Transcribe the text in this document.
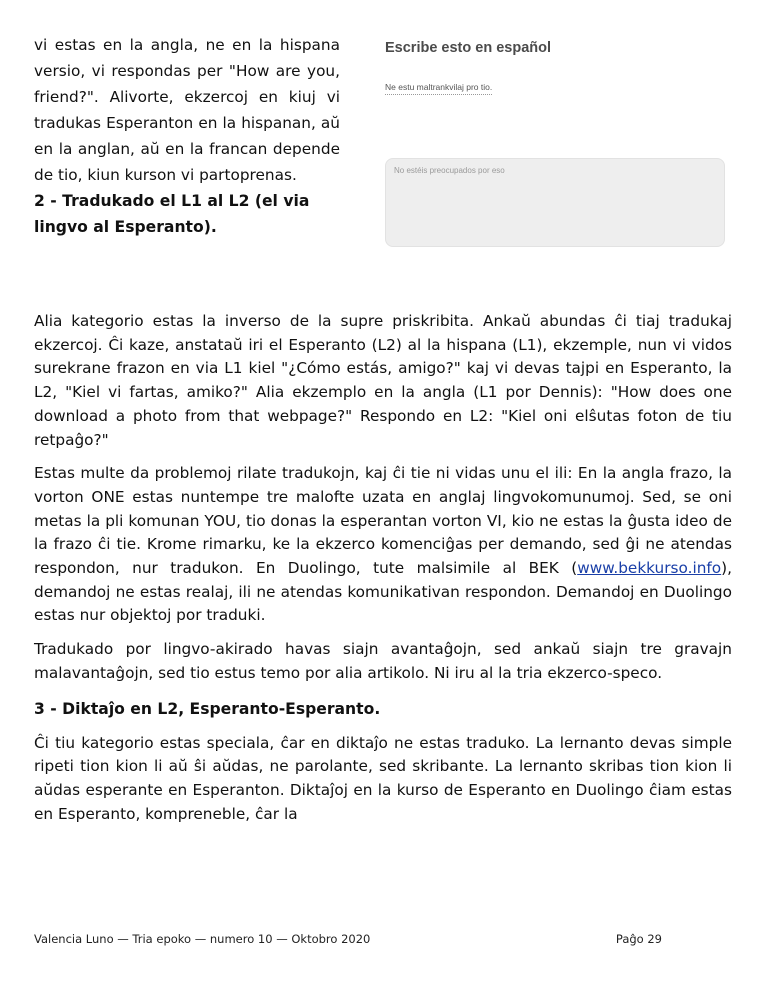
vi estas en la angla, ne en la hispana versio, vi respondas per "How are you, friend?". Alivorte, ekzercoj en kiuj vi tradukas Esperanton en la hispanan, aŭ en la anglan, aŭ en la francan depende de tio, kiun kurson vi partoprenas.

2 - Tradukado el L1 al L2 (el via lingvo al Esperanto).

Escribe esto en español
Ne estu maltrankvilaj pro tio.
No estéis preocupados por eso

Alia kategorio estas la inverso de la supre priskribita. Ankaŭ abundas ĉi tiaj tradukaj ekzercoj. Ĉi kaze, anstataŭ iri el Esperanto (L2) al la hispana (L1), ekzemple, nun vi vidos surekrane frazon en via L1 kiel "¿Cómo estás, amigo?" kaj vi devas tajpi en Esperanto, la L2, "Kiel vi fartas, amiko?" Alia ekzemplo en la angla (L1 por Dennis): "How does one download a photo from that webpage?" Respondo en L2: "Kiel oni elŝutas foton de tiu retpaĝo?"

Estas multe da problemoj rilate tradukojn, kaj ĉi tie ni vidas unu el ili: En la angla frazo, la vorton ONE estas nuntempe tre malofte uzata en anglaj lingvokomunumoj. Sed, se oni metas la pli komunan YOU, tio donas la esperantan vorton VI, kio ne estas la ĝusta ideo de la frazo ĉi tie. Krome rimarku, ke la ekzerco komenciĝas per demando, sed ĝi ne atendas respondon, nur tradukon. En Duolingo, tute malsimile al BEK (www.bekkurso.info), demandoj ne estas realaj, ili ne atendas komunikativan respondon. Demandoj en Duolingo estas nur objektoj por traduki.

Tradukado por lingvo-akirado havas siajn avantaĝojn, sed ankaŭ siajn tre gravajn malavantaĝojn, sed tio estus temo por alia artikolo. Ni iru al la tria ekzerco-speco.

3 - Diktaĵo en L2, Esperanto-Esperanto.

Ĉi tiu kategorio estas speciala, ĉar en diktaĵo ne estas traduko. La lernanto devas simple ripeti tion kion li aŭ ŝi aŭdas, ne parolante, sed skribante. La lernanto skribas tion kion li aŭdas esperante en Esperanton. Diktaĵoj en la kurso de Esperanto en Duolingo ĉiam estas en Esperanto, kompreneble, ĉar la

Valencia Luno — Tria epoko — numero 10 — Oktobro 2020	Paĝo 29
